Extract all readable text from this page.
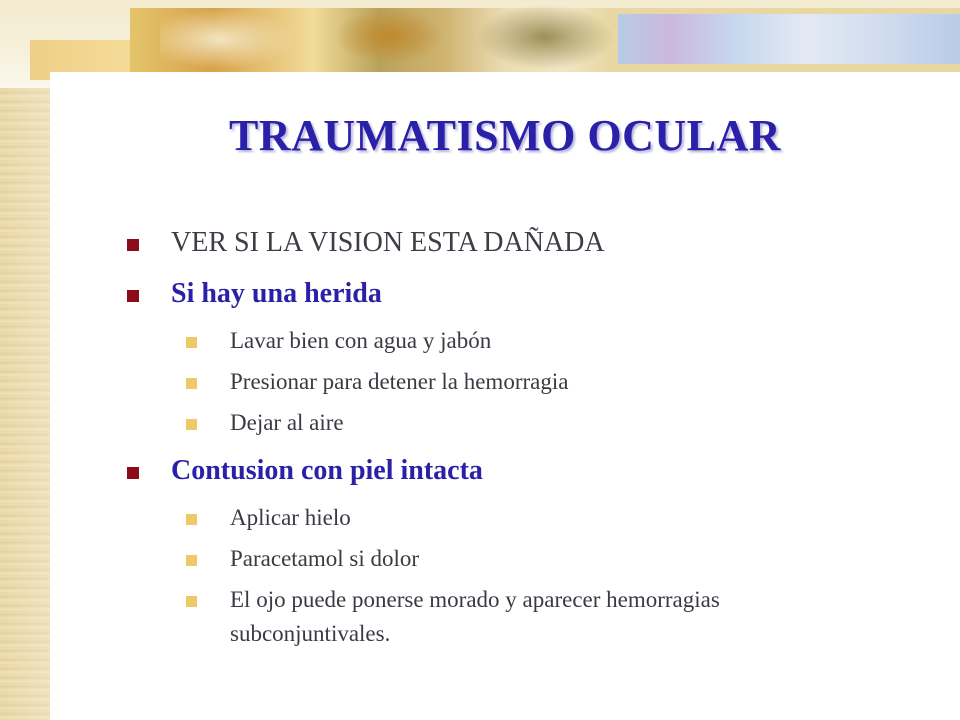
TRAUMATISMO OCULAR
VER SI LA VISION ESTA DAÑADA
Si hay una herida
Lavar bien con agua y jabón
Presionar para detener la hemorragia
Dejar al aire
Contusion con piel intacta
Aplicar hielo
Paracetamol si dolor
El ojo puede ponerse morado y aparecer hemorragias
subconjuntivales.
